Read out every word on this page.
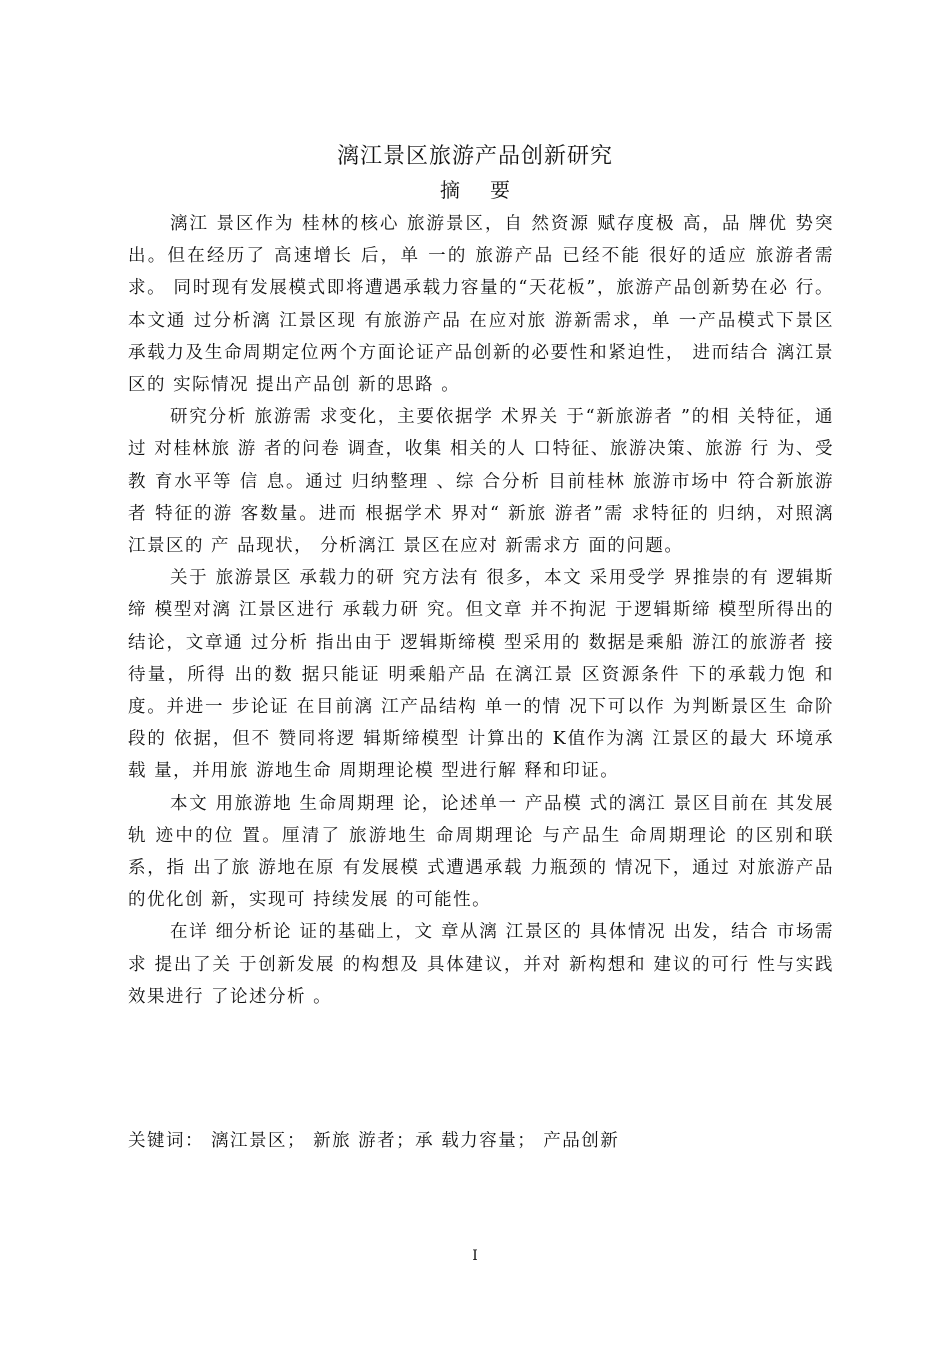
漓江景区旅游产品创新研究
摘要

漓江 景区作为 桂林的核心 旅游景区，自 然资源 赋存度极 高，品 牌优 势突出。但在经历了 高速增长 后，单 一的 旅游产品 已经不能 很好的适应 旅游者需求。 同时现有发展模式即将遭遇承载力容量的“天花板”，旅游产品创新势在必 行。本文通 过分析漓 江景区现 有旅游产品 在应对旅 游新需求，单 一产品模式下景区承载力及生命周期定位两个方面论证产品创新的必要性和紧迫性， 进而结合 漓江景区的 实际情况 提出产品创 新的思路 。

研究分析 旅游需 求变化，主要依据学 术界关 于“新旅游者 ”的相 关特征，通过 对桂林旅 游 者的问卷 调查，收集 相关的人 口特征、旅游决策、旅游 行 为、受教 育水平等 信 息。通过 归纳整理 、综 合分析 目前桂林 旅游市场中 符合新旅游者 特征的游 客数量。进而 根据学术 界对“ 新旅 游者”需 求特征的 归纳，对照漓 江景区的 产 品现状， 分析漓江 景区在应对 新需求方 面的问题。

关于 旅游景区 承载力的研 究方法有 很多，本文 采用受学 界推崇的有 逻辑斯缔 模型对漓 江景区进行 承载力研 究。但文章 并不拘泥 于逻辑斯缔 模型所得出的 结论，文章通 过分析 指出由于 逻辑斯缔模 型采用的 数据是乘船 游江的旅游者 接待量，所得 出的数 据只能证 明乘船产品 在漓江景 区资源条件 下的承载力饱 和度。并进一 步论证 在目前漓 江产品结构 单一的情 况下可以作 为判断景区生 命阶段的 依据，但不 赞同将逻 辑斯缔模型 计算出的 K值作为漓 江景区的最大 环境承载 量，并用旅 游地生命 周期理论模 型进行解 释和印证。

本文 用旅游地 生命周期理 论，论述单一 产品模 式的漓江 景区目前在 其发展轨 迹中的位 置。厘清了 旅游地生 命周期理论 与产品生 命周期理论 的区别和联系，指 出了旅 游地在原 有发展模 式遭遇承载 力瓶颈的 情况下，通过 对旅游产品 的优化创 新，实现可 持续发展 的可能性。

在详 细分析论 证的基础上，文 章从漓 江景区的 具体情况 出发，结合 市场需求 提出了关 于创新发展 的构想及 具体建议，并对 新构想和 建议的可行 性与实践 效果进行 了论述分析 。

关键词： 漓江景区； 新旅 游者；承 载力容量； 产品创新
I
